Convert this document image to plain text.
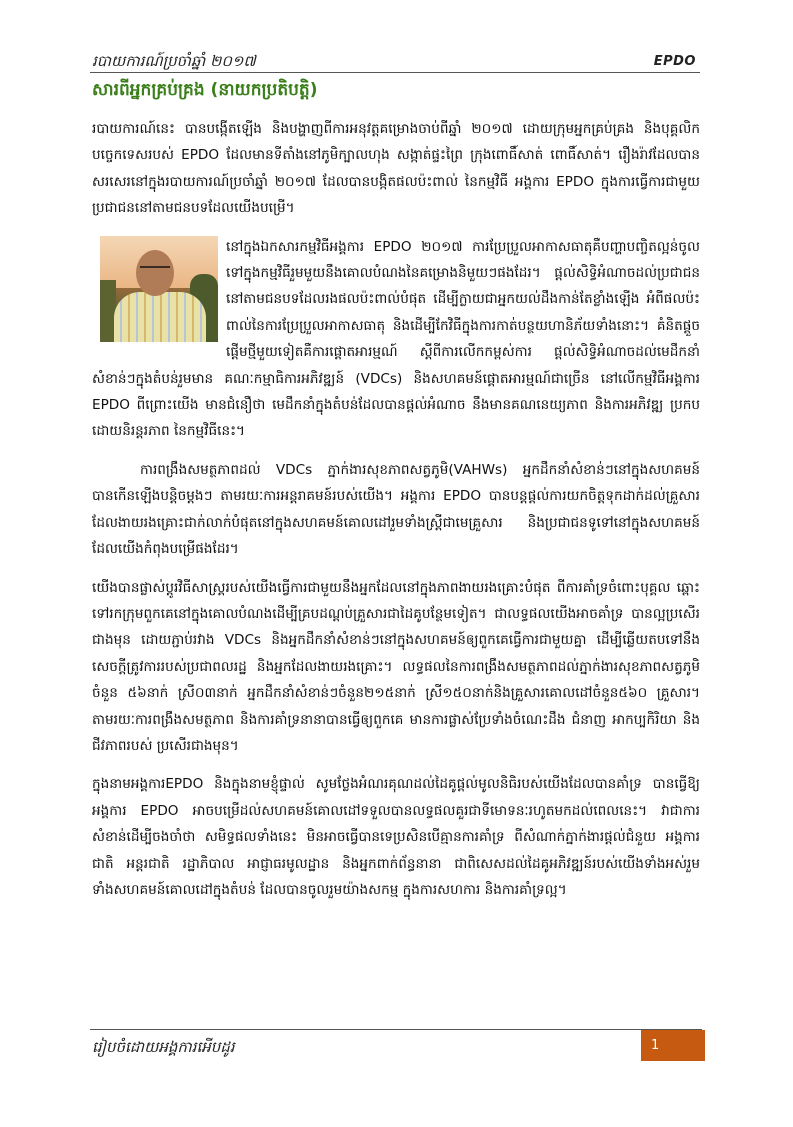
របាយការណ៍ប្រចាំឆ្នាំ ២០១៧	EPDO
សារពីអ្នកគ្រប់គ្រង (នាយកប្រតិបត្តិ)

របាយការណ៍នេះ បានបង្កើតឡើង និងបង្ហាញពីការអនុវត្តគម្រោងចាប់ពីឆ្នាំ ២០១៧ ដោយក្រុមអ្នកគ្រប់គ្រង និងបុគ្គលិកបច្ចេកទេសរបស់ EPDO ដែលមានទីតាំងនៅភូមិក្បាលហុង សង្កាត់ផ្ទះព្រៃ ក្រុងពោធិ៍សាត់ ពោធិ៍សាត់។ រឿងរ៉ាវដែលបានសរសេរនៅក្នុងរបាយការណ៍ប្រចាំឆ្នាំ ២០១៧ ដែលបានបង្កិតផលប៉ះពាល់ នៃកម្មវិធី អង្គការ EPDO ក្នុងការធ្វើការជាមួយប្រជាជននៅតាមជនបទដែលយើងបម្រើ។

នៅក្នុងឯកសារកម្មវិធីអង្គការ EPDO ២០១៧ ការប្រែប្រួលអាកាសធាតុគឺបញ្ហាបញ្ចិតល្អន់ចូលទៅក្នុងកម្មវិធីរួមមួយនឹងគោលបំណងនៃគម្រោងនិមួយៗផងដែរ។ ផ្តល់សិទ្ធិអំណាចដល់ប្រជាជននៅតាមជនបទដែលរងផលប៉ះពាល់បំផុត ដើម្បីក្លាយជាអ្នកយល់ដឹងកាន់តែខ្លាំងឡើង អំពីផលប៉ះពាល់នៃការប្រែប្រួលអាកាសធាតុ និងដើម្បីកែវិធីក្នុងការកាត់បន្ថយហានិភ័យទាំងនោះ។ គំនិតផ្តួចផ្តើមថ្មីមួយទៀតគឺការផ្តោតអារម្មណ៍ ស្តីពីការលើកកម្ពស់ការ ផ្តល់សិទ្ធិអំណាចដល់មេដឹកនាំសំខាន់ៗក្នុងតំបន់រួមមាន គណៈកម្មាធិការអភិវឌ្ឍន៍ (VDCs) និងសហគមន៍ផ្តោតអារម្មណ៍ជាច្រើន នៅលើកម្មវិធីអង្គការ EPDO ពីព្រោះយើង មានជំនឿថា មេដឹកនាំក្នុងតំបន់ដែលបានផ្តល់អំណាច នឹងមានគណនេយ្យភាព និងការអភិវឌ្ឍ ប្រកបដោយនិរន្តរភាព នៃកម្មវិធីនេះ។

ការពង្រឹងសមត្ថភាពដល់ VDCs ភ្នាក់ងារសុខភាពសត្វភូមិ(VAHWs) អ្នកដឹកនាំសំខាន់ៗនៅក្នុងសហគមន៍ បានកើនឡើងបន្តិចម្តងៗ តាមរយៈការអន្តរាគមន៍របស់យើង។ អង្គការ EPDO បានបន្តផ្តល់ការយកចិត្តទុកដាក់ដល់គ្រួសារដែលងាយរងគ្រោះជាក់លាក់បំផុតនៅក្នុងសហគមន៍គោលដៅរួមទាំងស្ត្រីជាមេគ្រួសារ និងប្រជាជនទូទៅនៅក្នុងសហគមន៍ដែលយើងកំពុងបម្រើផងដែរ។

យើងបានផ្លាស់ប្តូរវិធីសាស្ត្ររបស់យើងធ្វើការជាមួយនឹងអ្នកដែលនៅក្នុងភាពងាយរងគ្រោះបំផុត ពីការគាំទ្រចំពោះបុគ្គល ឆ្ពោះទៅរកក្រុមពួកគេនៅក្នុងគោលបំណងដើម្បីគ្របដណ្តប់គ្រួសារជាដៃគូបន្ថែមទៀត។ ជាលទ្ធផលយើងអាចគាំទ្រ បានល្អប្រសើរជាងមុន ដោយភ្ជាប់រវាង VDCs និងអ្នកដឹកនាំសំខាន់ៗនៅក្នុងសហគមន៍ឲ្យពួកគេធ្វើការជាមួយគ្នា ដើម្បីឆ្លើយតបទៅនឹងសេចក្តីត្រូវការរបស់ប្រជាពលរដ្ឋ និងអ្នកដែលងាយរងគ្រោះ។ លទ្ធផលនៃការពង្រឹងសមត្ថភាពដល់ភ្នាក់ងារសុខភាពសត្វភូមិចំនួន ៥៦នាក់ ស្រី០៣នាក់ អ្នកដឹកនាំសំខាន់ៗចំនួន២១៥នាក់ ស្រី១៥០នាក់និងគ្រួសារគោលដៅចំនួន៥៦០ គ្រួសារ។ តាមរយៈការពង្រឹងសមត្ថភាព និងការគាំទ្រនានាបានធ្វើឲ្យពួកគេ មានការផ្លាស់ប្រែទាំងចំណេះដឹង ជំនាញ អាកប្បកិរិយា និងជីវភាពរបស់ ប្រសើរជាងមុន។

ក្នុងនាមអង្គការEPDO និងក្នុងនាមខ្ញុំផ្ទាល់ សូមថ្លែងអំណរគុណដល់ដៃគូផ្តល់មូលនិធិរបស់យើងដែលបានគាំទ្រ បានធ្វើឱ្យអង្គការ EPDO អាចបម្រើដល់សហគមន៍គោលដៅទទួលបានលទ្ធផលគួរជាទីមោទនៈរហូតមកដល់ពេលនេះ។ វាជាការសំខាន់ដើម្បីចងចាំថា សមិទ្ធផលទាំងនេះ មិនអាចធ្វើបានទេប្រសិនបើគ្មានការគាំទ្រ ពីសំណាក់ភ្នាក់ងារផ្តល់ជំនួយ អង្គការជាតិ អន្តរជាតិ រដ្ឋាភិបាល អាជ្ញាធរមូលដ្ឋាន និងអ្នកពាក់ព័ន្ធនានា ជាពិសេសដល់ដៃគូអភិវឌ្ឍន៍របស់យើងទាំងអស់រួមទាំងសហគមន៍គោលដៅក្នុងតំបន់ ដែលបានចូលរួមយ៉ាងសកម្ម ក្នុងការសហការ និងការគាំទ្រល្អ។

រៀបចំដោយអង្គការអេីបដូរ	1
